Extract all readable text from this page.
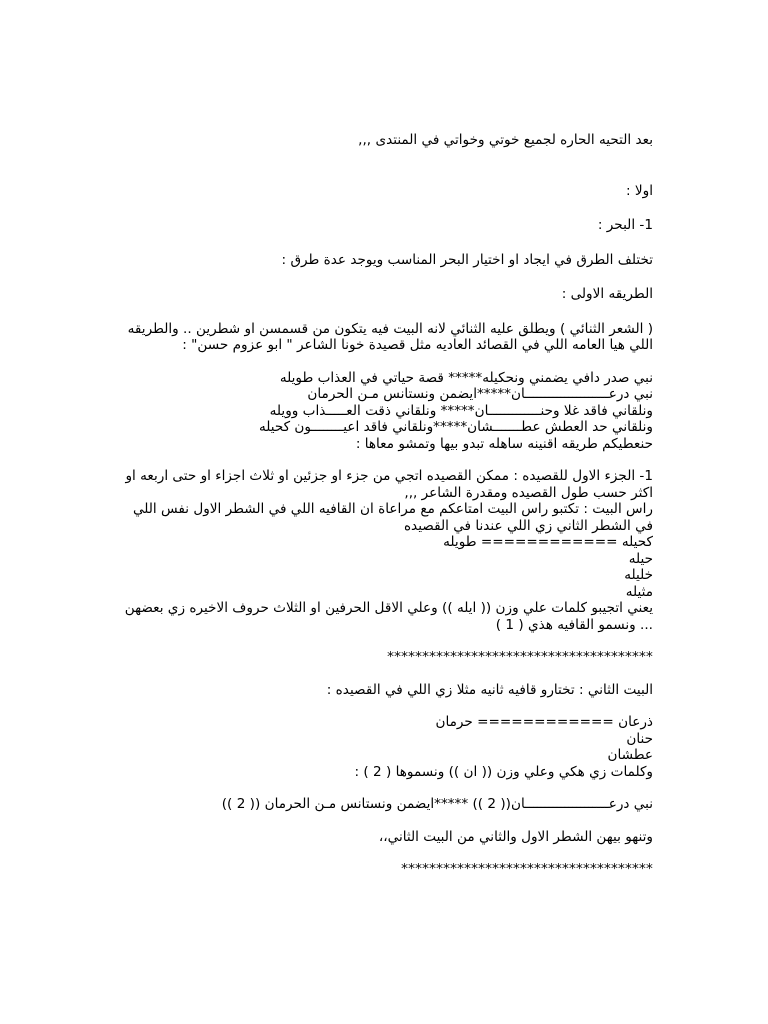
بعد التحيه الحاره لجميع خوتي وخواتي في المنتدى ,,,

اولا :

1- البحر :

تختلف الطرق في ايجاد او اختيار البحر المناسب ويوجد عدة طرق :

الطريقه الاولى :

( الشعر الثنائي ) ويطلق عليه الثنائي لانه البيت فيه يتكون من قسمسن او شطرين .. والطريقه اللي هيا العامه اللي في القصائد العاديه مثل قصيدة خونا الشاعر " ابو عزوم حسن" :

نبي صدر دافي يضمني ونحكيله***** قصة حياتي في العذاب طويله

نبي درعـــــــــــــــــــــان*****ايضمن ونستانس مـن الحرمان

ونلقاني فاقد غلا وحنـــــــــــــان***** ونلقاني ذقت العـــــذاب وويله

ونلقاني حد العطش عطـــــــشان*****ونلقاني فاقد اعيــــــــون كحيله

حنعطيكم طريقه اقنينه ساهله تبدو بيها وتمشو معاها :

1- الجزء الاول للقصيده : ممكن القصيده اتجي من جزء او جزئين او ثلاث اجزاء او حتى اربعه او اكثر حسب طول القصيده ومقدرة الشاعر ,,,

راس البيت : تكتبو راس البيت امتاعكم مع مراعاة ان القافيه اللي في الشطر الاول نفس اللي في الشطر الثاني زي اللي عندنا في القصيده

كحيله ============ طويله

حيله

خليله

مثيله

يعني اتجيبو كلمات علي وزن (( ايله )) وعلي الاقل الحرفين او الثلاث حروف الاخيره زي بعضهن ... ونسمو القافيه هذي ( 1 )

**************************************

البيت الثاني : تختارو قافيه ثانيه مثلا زي اللي في القصيده :

ذرعان ============ حرمان

حنان

عطشان

وكلمات زي هكي وعلي وزن (( ان )) ونسموها ( 2 ) :

نبي درعـــــــــــــــــــــان(( 2 )) *****ايضمن ونستانس مـن الحرمان (( 2 ))

وتنهو بيهن الشطر الاول والثاني من البيت الثاني،،

************************************
